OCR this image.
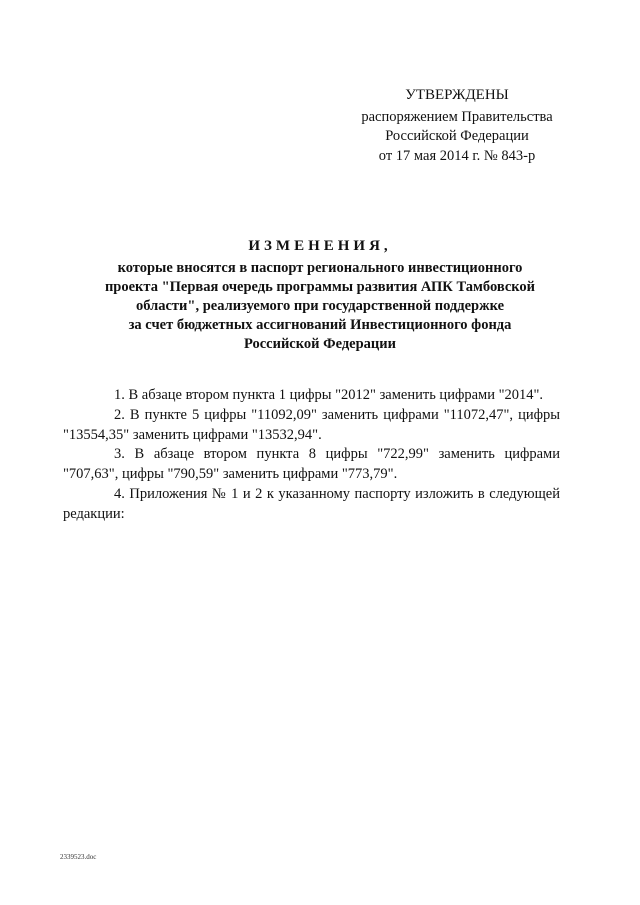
УТВЕРЖДЕНЫ
распоряжением Правительства
Российской Федерации
от 17 мая 2014 г. № 843-р
ИЗМЕНЕНИЯ,
которые вносятся в паспорт регионального инвестиционного
проекта "Первая очередь программы развития АПК Тамбовской
области", реализуемого при государственной поддержке
за счет бюджетных ассигнований Инвестиционного фонда
Российской Федерации

1. В абзаце втором пункта 1 цифры "2012" заменить цифрами "2014".

2. В пункте 5 цифры "11092,09" заменить цифрами "11072,47", цифры "13554,35" заменить цифрами "13532,94".

3. В абзаце втором пункта 8 цифры "722,99" заменить цифрами "707,63", цифры "790,59" заменить цифрами "773,79".

4. Приложения № 1 и 2 к указанному паспорту изложить в следующей редакции:

2339523.doc
